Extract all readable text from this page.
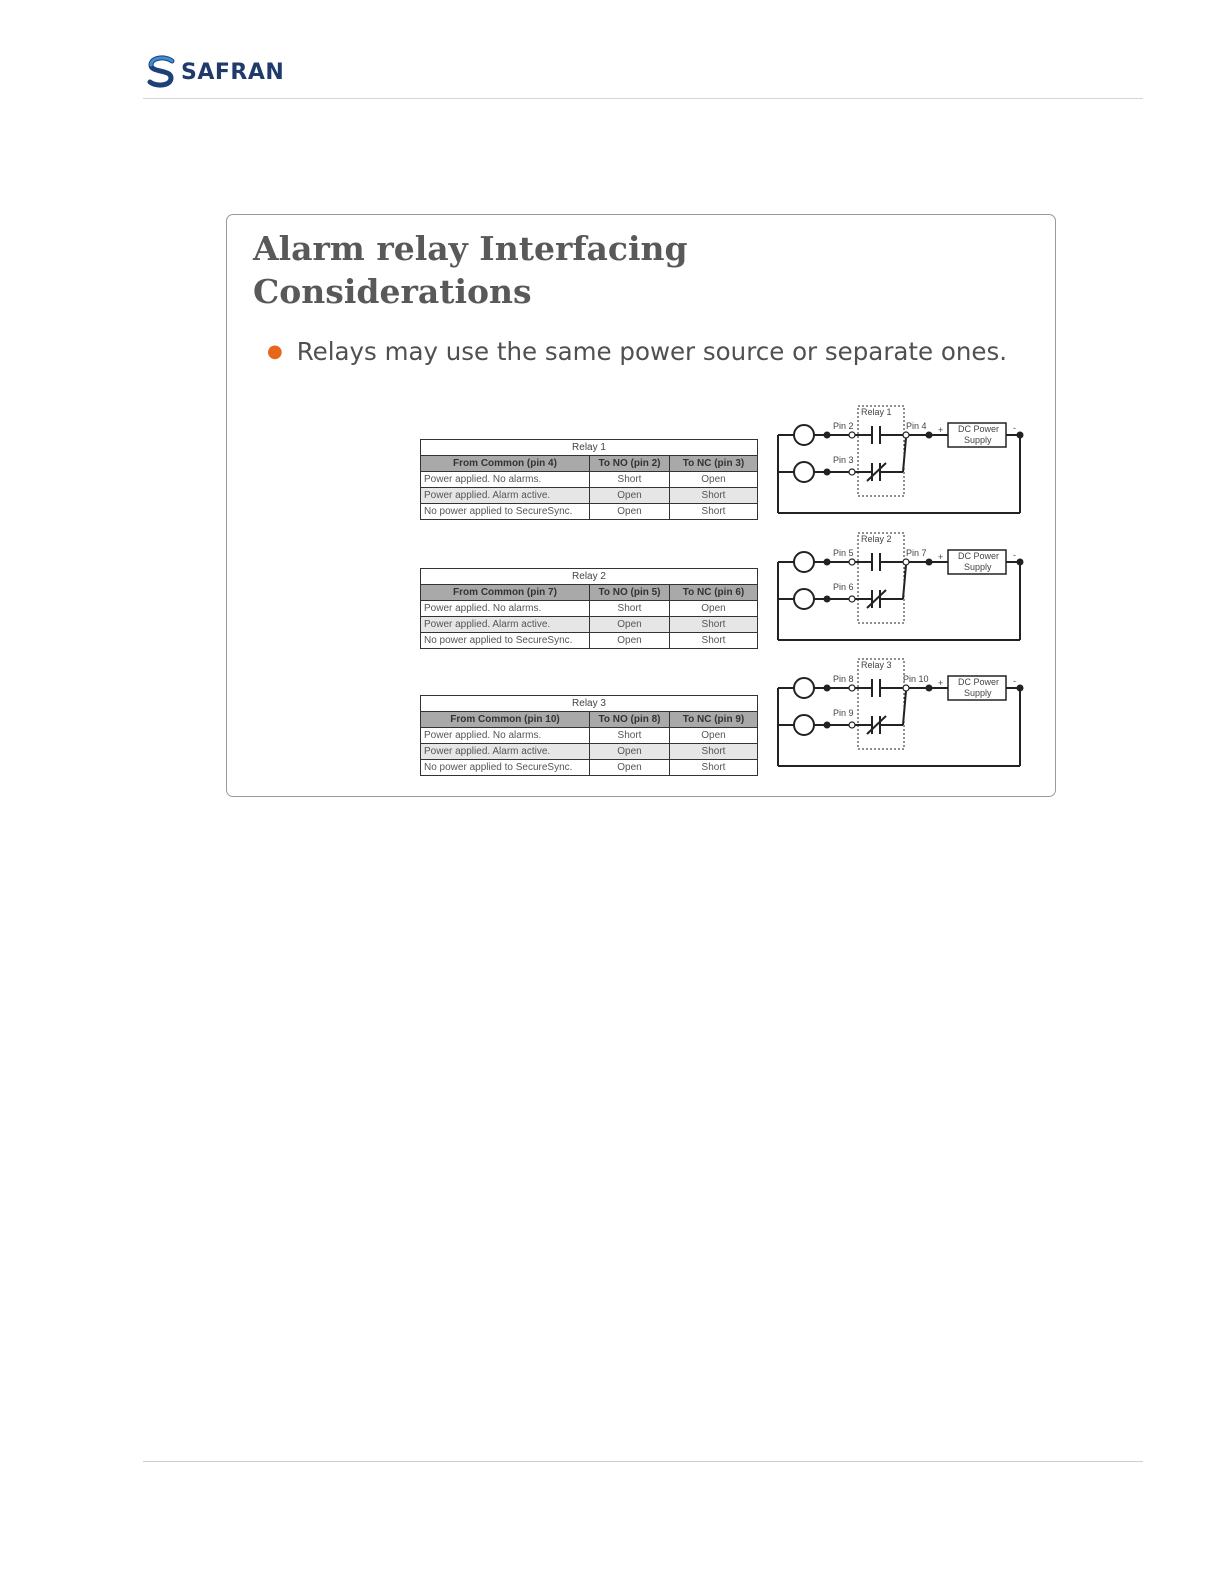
SAFRAN
Alarm relay Interfacing
Considerations
● Relays may use the same power source or separate ones.
Relay 1		
From Common (pin 4)	To NO (pin 2)	To NC (pin 3)
Power applied. No alarms.	Short	Open
Power applied. Alarm active.	Open	Short
No power applied to SecureSync.	Open	Short
Relay 2		
From Common (pin 7)	To NO (pin 5)	To NC (pin 6)
Power applied. No alarms.	Short	Open
Power applied. Alarm active.	Open	Short
No power applied to SecureSync.	Open	Short
Relay 3		
From Common (pin 10)	To NO (pin 8)	To NC (pin 9)
Power applied. No alarms.	Short	Open
Power applied. Alarm active.	Open	Short
No power applied to SecureSync.	Open	Short
Relay 1
Pin 2
Pin 3
Pin 4 +	-
DC Power
Supply
Relay 2
Pin 5
Pin 6
Pin 7 +	-
DC Power
Supply
Relay 3
Pin 8
Pin 9
Pin 10 +	-
DC Power
Supply
